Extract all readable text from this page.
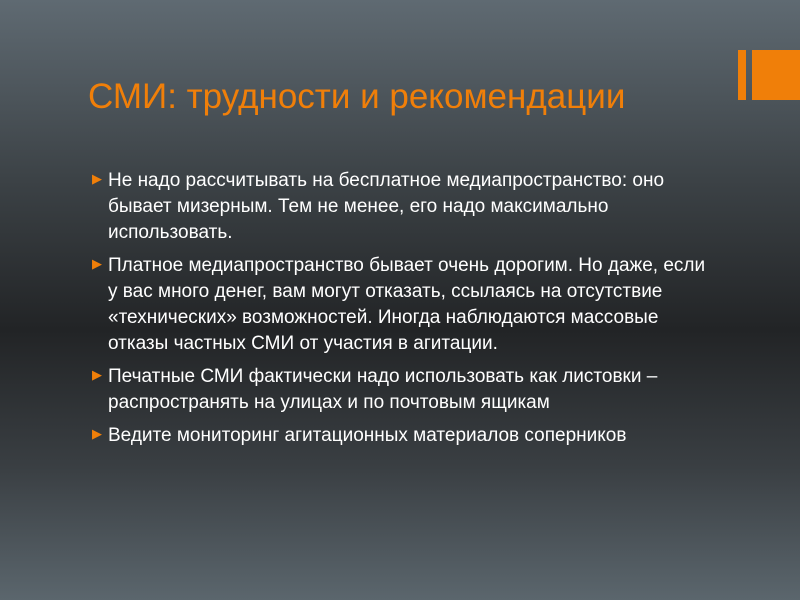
СМИ: трудности и рекомендации
▶ Не надо рассчитывать на бесплатное медиапространство: оно бывает мизерным. Тем не менее, его надо максимально использовать.
▶ Платное медиапространство бывает очень дорогим. Но даже, если у вас много денег, вам могут отказать, ссылаясь на отсутствие «технических» возможностей. Иногда наблюдаются массовые отказы частных СМИ от участия в агитации.
▶ Печатные СМИ фактически надо использовать как листовки – распространять на улицах и по почтовым ящикам
▶ Ведите мониторинг агитационных материалов соперников
